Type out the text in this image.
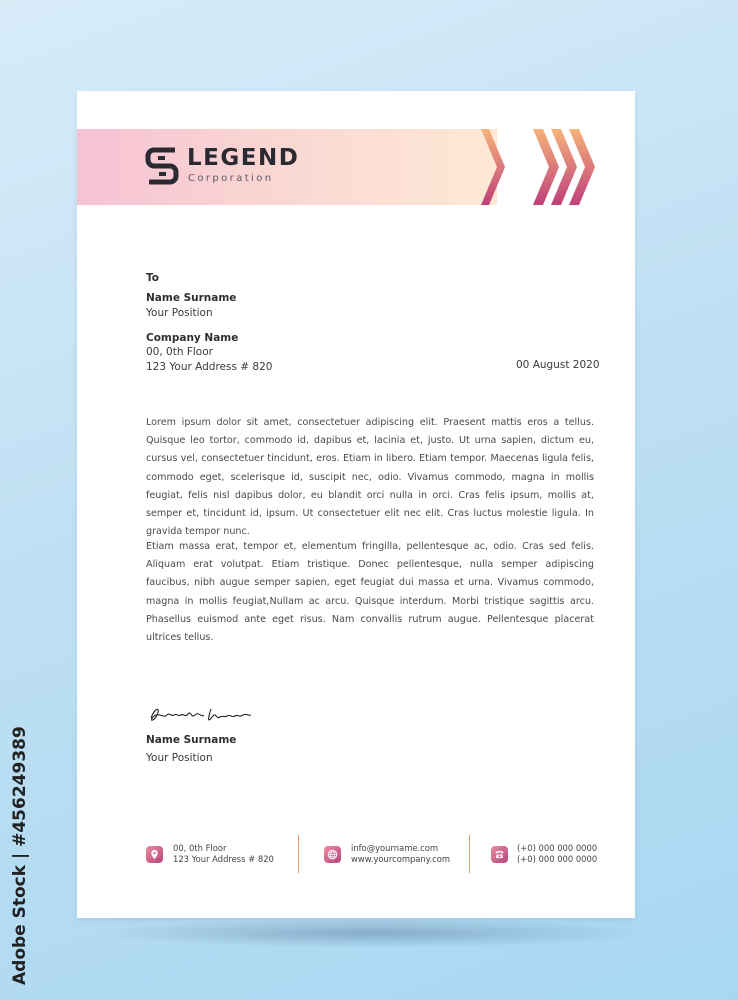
LEGEND
Corporation
To
Name Surname
Your Position
Company Name
00, 0th Floor
123 Your Address # 820	00 August 2020

Lorem ipsum dolor sit amet, consectetuer adipiscing elit. Praesent mattis eros a tellus. Quisque leo tortor, commodo id, dapibus et, lacinia et, justo. Ut urna sapien, dictum eu, cursus vel, consectetuer tincidunt, eros. Etiam in libero. Etiam tempor. Maecenas ligula felis, commodo eget, scelerisque id, suscipit nec, odio. Vivamus commodo, magna in mollis feugiat, felis nisl dapibus dolor, eu blandit orci nulla in orci. Cras felis ipsum, mollis at, semper et, tincidunt id, ipsum. Ut consectetuer elit nec elit. Cras luctus molestie ligula. In gravida tempor nunc.

Etiam massa erat, tempor et, elementum fringilla, pellentesque ac, odio. Cras sed felis. Aliquam erat volutpat. Etiam tristique. Donec pellentesque, nulla semper adipiscing faucibus, nibh augue semper sapien, eget feugiat dui massa et urna. Vivamus commodo, magna in mollis feugiat,Nullam ac arcu. Quisque interdum. Morbi tristique sagittis arcu. Phasellus euismod ante eget risus. Nam convallis rutrum augue. Pellentesque placerat ultrices tellus.

Name Surname
Your Position
00, 0th Floor
123 Your Address # 820
info@yourname.com
www.yourcompany.com
(+0) 000 000 0000
(+0) 000 000 0000
Adobe Stock | #456249389
